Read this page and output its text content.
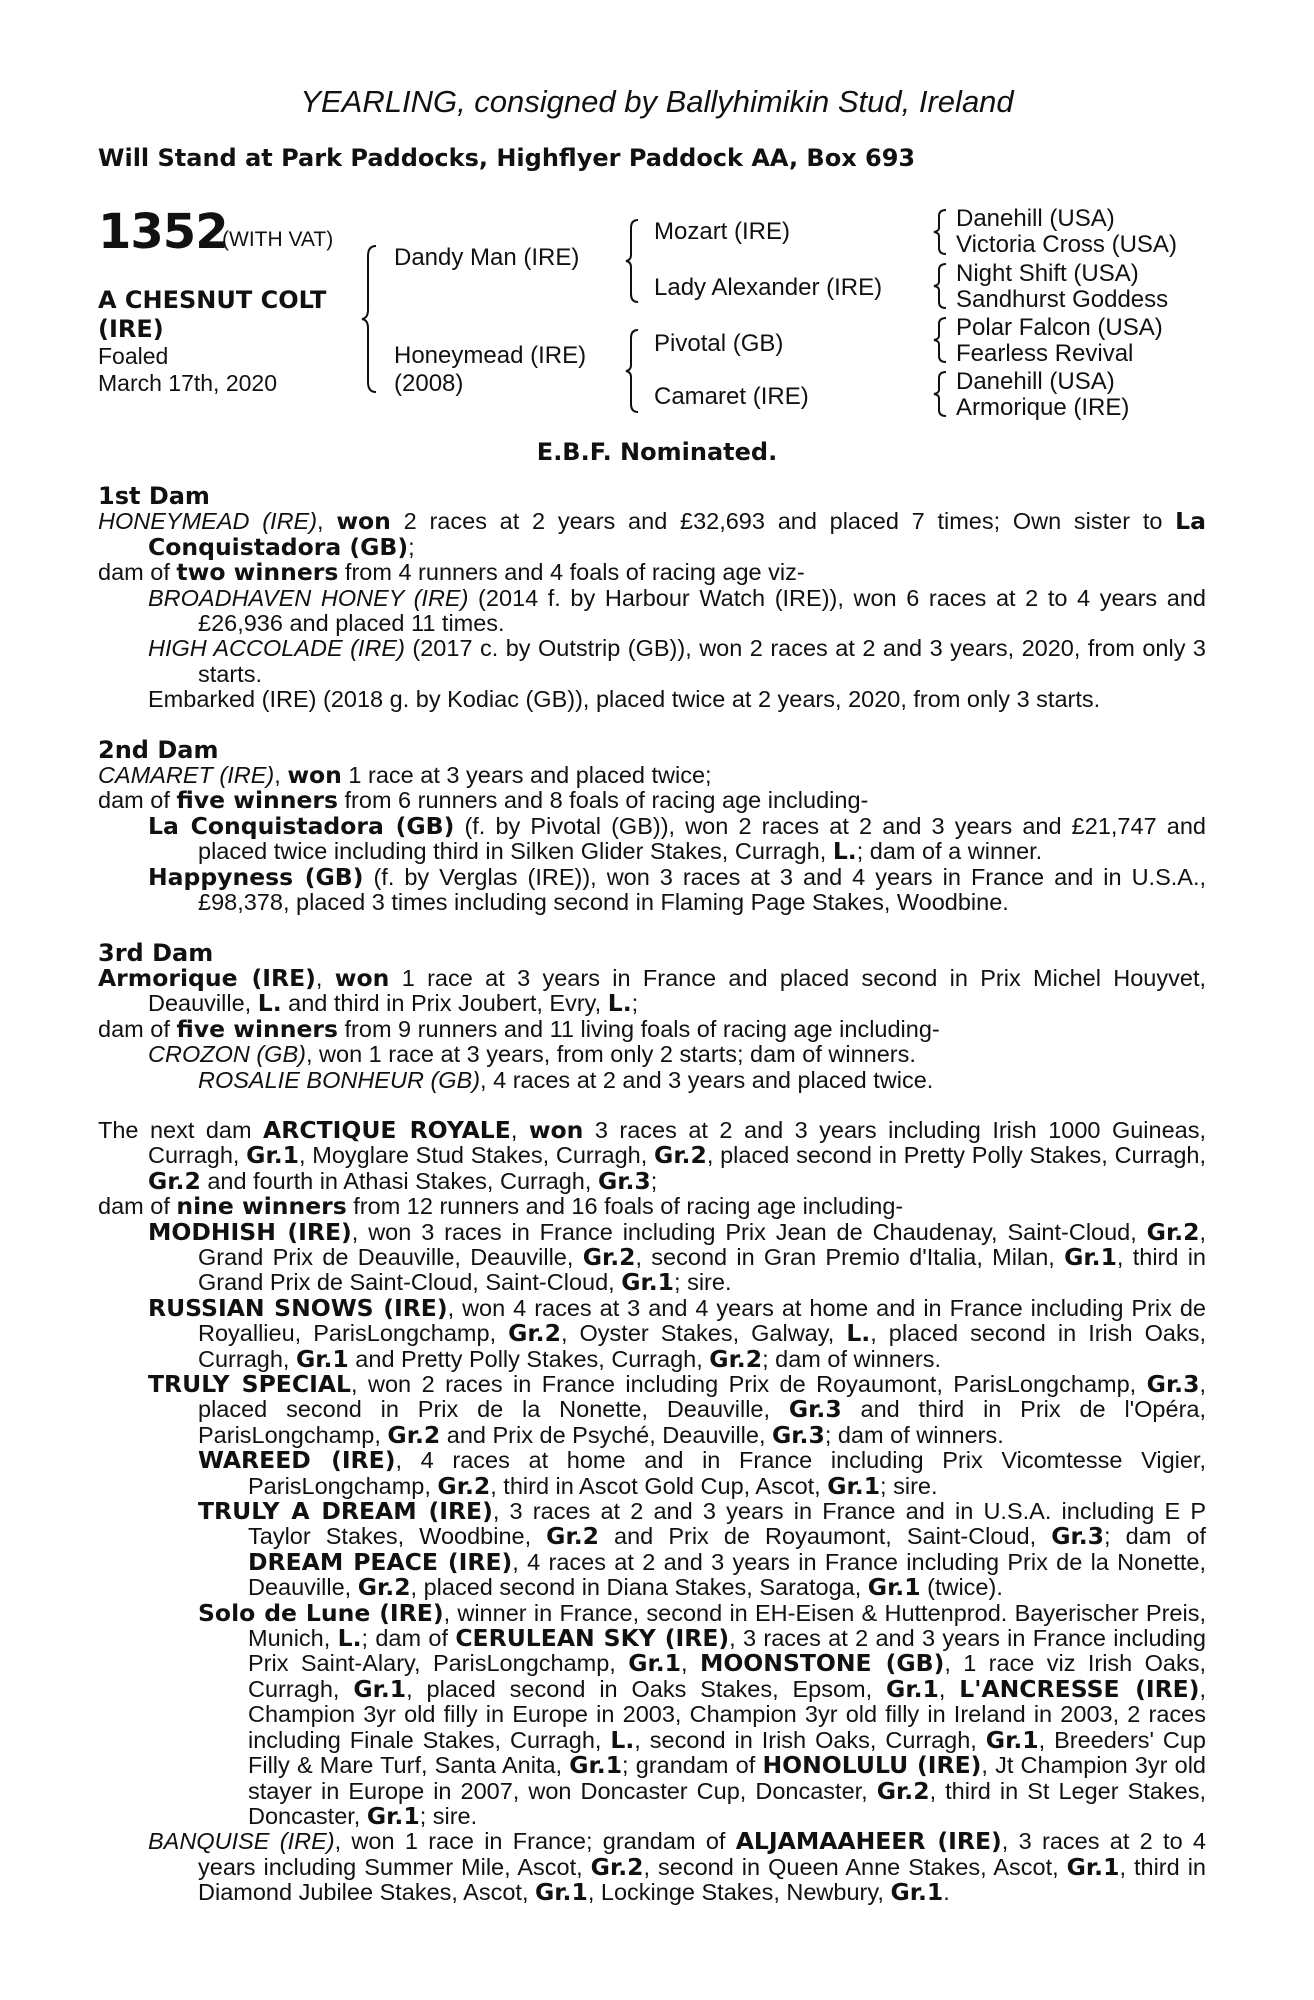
YEARLING, consigned by Ballyhimikin Stud, Ireland
Will Stand at Park Paddocks, Highflyer Paddock AA, Box 693
1352
(WITH VAT)
A CHESNUT COLT
(IRE)
Foaled
March 17th, 2020
Dandy Man (IRE)
Honeymead (IRE)
(2008)
Mozart (IRE)
Lady Alexander (IRE)
Pivotal (GB)
Camaret (IRE)
Danehill (USA)
Victoria Cross (USA)
Night Shift (USA)
Sandhurst Goddess
Polar Falcon (USA)
Fearless Revival
Danehill (USA)
Armorique (IRE)
E.B.F. Nominated.

1st Dam

HONEYMEAD (IRE), won 2 races at 2 years and £32,693 and placed 7 times; Own sister to La Conquistadora (GB);

dam of two winners from 4 runners and 4 foals of racing age viz-

BROADHAVEN HONEY (IRE) (2014 f. by Harbour Watch (IRE)), won 6 races at 2 to 4 years and £26,936 and placed 11 times.

HIGH ACCOLADE (IRE) (2017 c. by Outstrip (GB)), won 2 races at 2 and 3 years, 2020, from only 3 starts.

Embarked (IRE) (2018 g. by Kodiac (GB)), placed twice at 2 years, 2020, from only 3 starts.

2nd Dam

CAMARET (IRE), won 1 race at 3 years and placed twice;

dam of five winners from 6 runners and 8 foals of racing age including-

La Conquistadora (GB) (f. by Pivotal (GB)), won 2 races at 2 and 3 years and £21,747 and placed twice including third in Silken Glider Stakes, Curragh, L.; dam of a winner.

Happyness (GB) (f. by Verglas (IRE)), won 3 races at 3 and 4 years in France and in U.S.A., £98,378, placed 3 times including second in Flaming Page Stakes, Woodbine.

3rd Dam

Armorique (IRE), won 1 race at 3 years in France and placed second in Prix Michel Houyvet, Deauville, L. and third in Prix Joubert, Evry, L.;

dam of five winners from 9 runners and 11 living foals of racing age including-

CROZON (GB), won 1 race at 3 years, from only 2 starts; dam of winners.

ROSALIE BONHEUR (GB), 4 races at 2 and 3 years and placed twice.

The next dam ARCTIQUE ROYALE, won 3 races at 2 and 3 years including Irish 1000 Guineas, Curragh, Gr.1, Moyglare Stud Stakes, Curragh, Gr.2, placed second in Pretty Polly Stakes, Curragh, Gr.2 and fourth in Athasi Stakes, Curragh, Gr.3;

dam of nine winners from 12 runners and 16 foals of racing age including-

MODHISH (IRE), won 3 races in France including Prix Jean de Chaudenay, Saint-Cloud, Gr.2, Grand Prix de Deauville, Deauville, Gr.2, second in Gran Premio d'Italia, Milan, Gr.1, third in Grand Prix de Saint-Cloud, Saint-Cloud, Gr.1; sire.

RUSSIAN SNOWS (IRE), won 4 races at 3 and 4 years at home and in France including Prix de Royallieu, ParisLongchamp, Gr.2, Oyster Stakes, Galway, L., placed second in Irish Oaks, Curragh, Gr.1 and Pretty Polly Stakes, Curragh, Gr.2; dam of winners.

TRULY SPECIAL, won 2 races in France including Prix de Royaumont, ParisLongchamp, Gr.3, placed second in Prix de la Nonette, Deauville, Gr.3 and third in Prix de l'Opéra, ParisLongchamp, Gr.2 and Prix de Psyché, Deauville, Gr.3; dam of winners.

WAREED (IRE), 4 races at home and in France including Prix Vicomtesse Vigier, ParisLongchamp, Gr.2, third in Ascot Gold Cup, Ascot, Gr.1; sire.

TRULY A DREAM (IRE), 3 races at 2 and 3 years in France and in U.S.A. including E P Taylor Stakes, Woodbine, Gr.2 and Prix de Royaumont, Saint-Cloud, Gr.3; dam of DREAM PEACE (IRE), 4 races at 2 and 3 years in France including Prix de la Nonette, Deauville, Gr.2, placed second in Diana Stakes, Saratoga, Gr.1 (twice).

Solo de Lune (IRE), winner in France, second in EH-Eisen & Huttenprod. Bayerischer Preis, Munich, L.; dam of CERULEAN SKY (IRE), 3 races at 2 and 3 years in France including Prix Saint-Alary, ParisLongchamp, Gr.1, MOONSTONE (GB), 1 race viz Irish Oaks, Curragh, Gr.1, placed second in Oaks Stakes, Epsom, Gr.1, L'ANCRESSE (IRE), Champion 3yr old filly in Europe in 2003, Champion 3yr old filly in Ireland in 2003, 2 races including Finale Stakes, Curragh, L., second in Irish Oaks, Curragh, Gr.1, Breeders' Cup Filly & Mare Turf, Santa Anita, Gr.1; grandam of HONOLULU (IRE), Jt Champion 3yr old stayer in Europe in 2007, won Doncaster Cup, Doncaster, Gr.2, third in St Leger Stakes, Doncaster, Gr.1; sire.

BANQUISE (IRE), won 1 race in France; grandam of ALJAMAAHEER (IRE), 3 races at 2 to 4 years including Summer Mile, Ascot, Gr.2, second in Queen Anne Stakes, Ascot, Gr.1, third in Diamond Jubilee Stakes, Ascot, Gr.1, Lockinge Stakes, Newbury, Gr.1.
